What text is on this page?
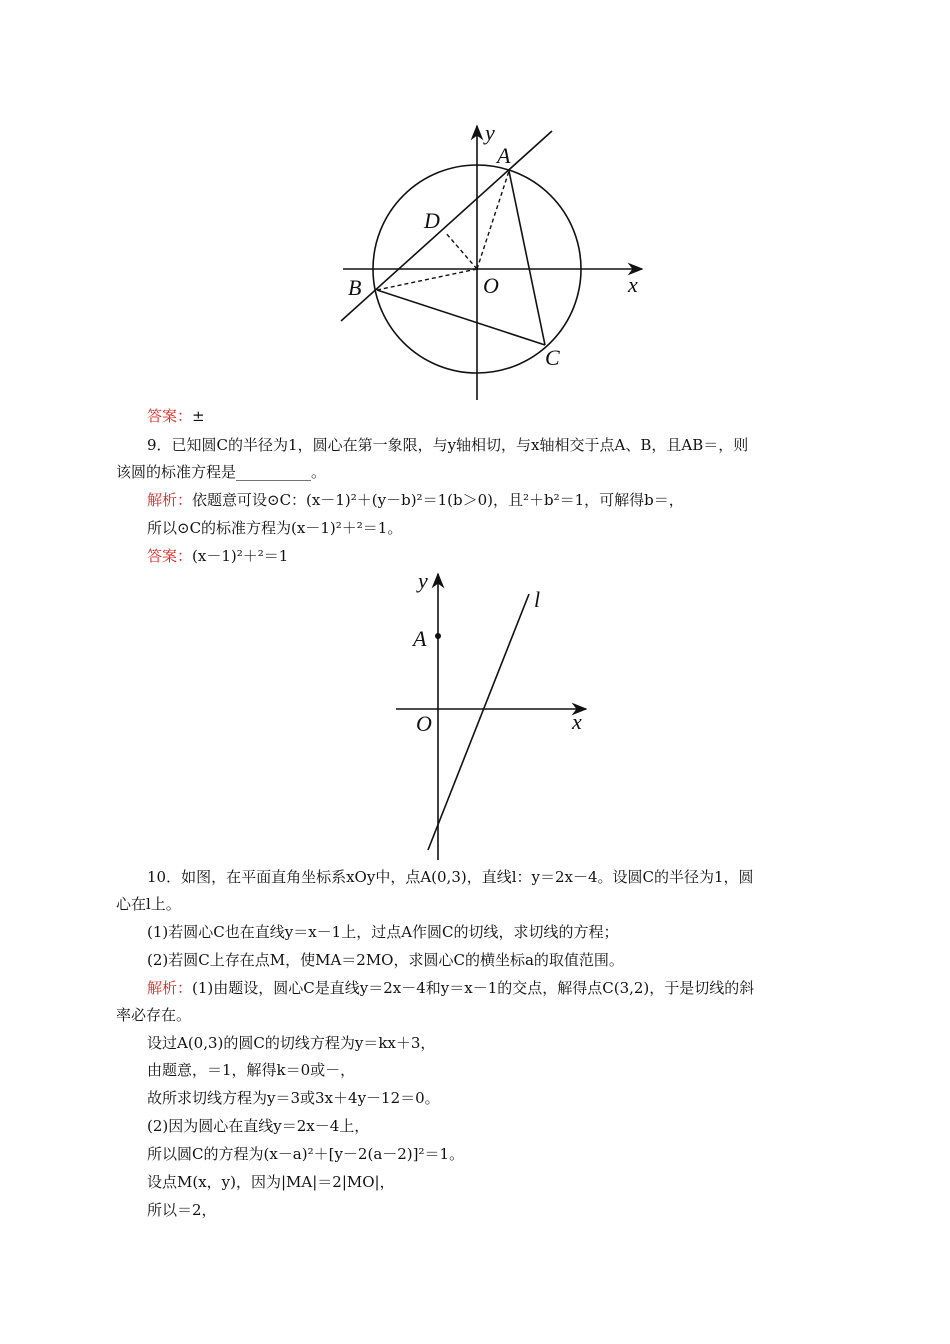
y
A
D
O	x
B
C
答案：±
9．已知圆C的半径为1，圆心在第一象限，与y轴相切，与x轴相交于点A、B，且AB＝，则
该圆的标准方程是__________。
解析：依题意可设⊙C：(x－1)²＋(y－b)²＝1(b＞0)，且²＋b²＝1，可解得b＝，
所以⊙C的标准方程为(x－1)²＋²＝1。
答案：(x－1)²＋²＝1
y
l
A
O	x
10．如图，在平面直角坐标系xOy中，点A(0,3)，直线l：y＝2x－4。设圆C的半径为1，圆
心在l上。
(1)若圆心C也在直线y＝x－1上，过点A作圆C的切线，求切线的方程；
(2)若圆C上存在点M，使MA＝2MO，求圆心C的横坐标a的取值范围。
解析：(1)由题设，圆心C是直线y＝2x－4和y＝x－1的交点，解得点C(3,2)，于是切线的斜
率必存在。
设过A(0,3)的圆C的切线方程为y＝kx＋3，
由题意，＝1，解得k＝0或－，
故所求切线方程为y＝3或3x＋4y－12＝0。
(2)因为圆心在直线y＝2x－4上，
所以圆C的方程为(x－a)²＋[y－2(a－2)]²＝1。
设点M(x，y)，因为|MA|＝2|MO|，
所以＝2，
